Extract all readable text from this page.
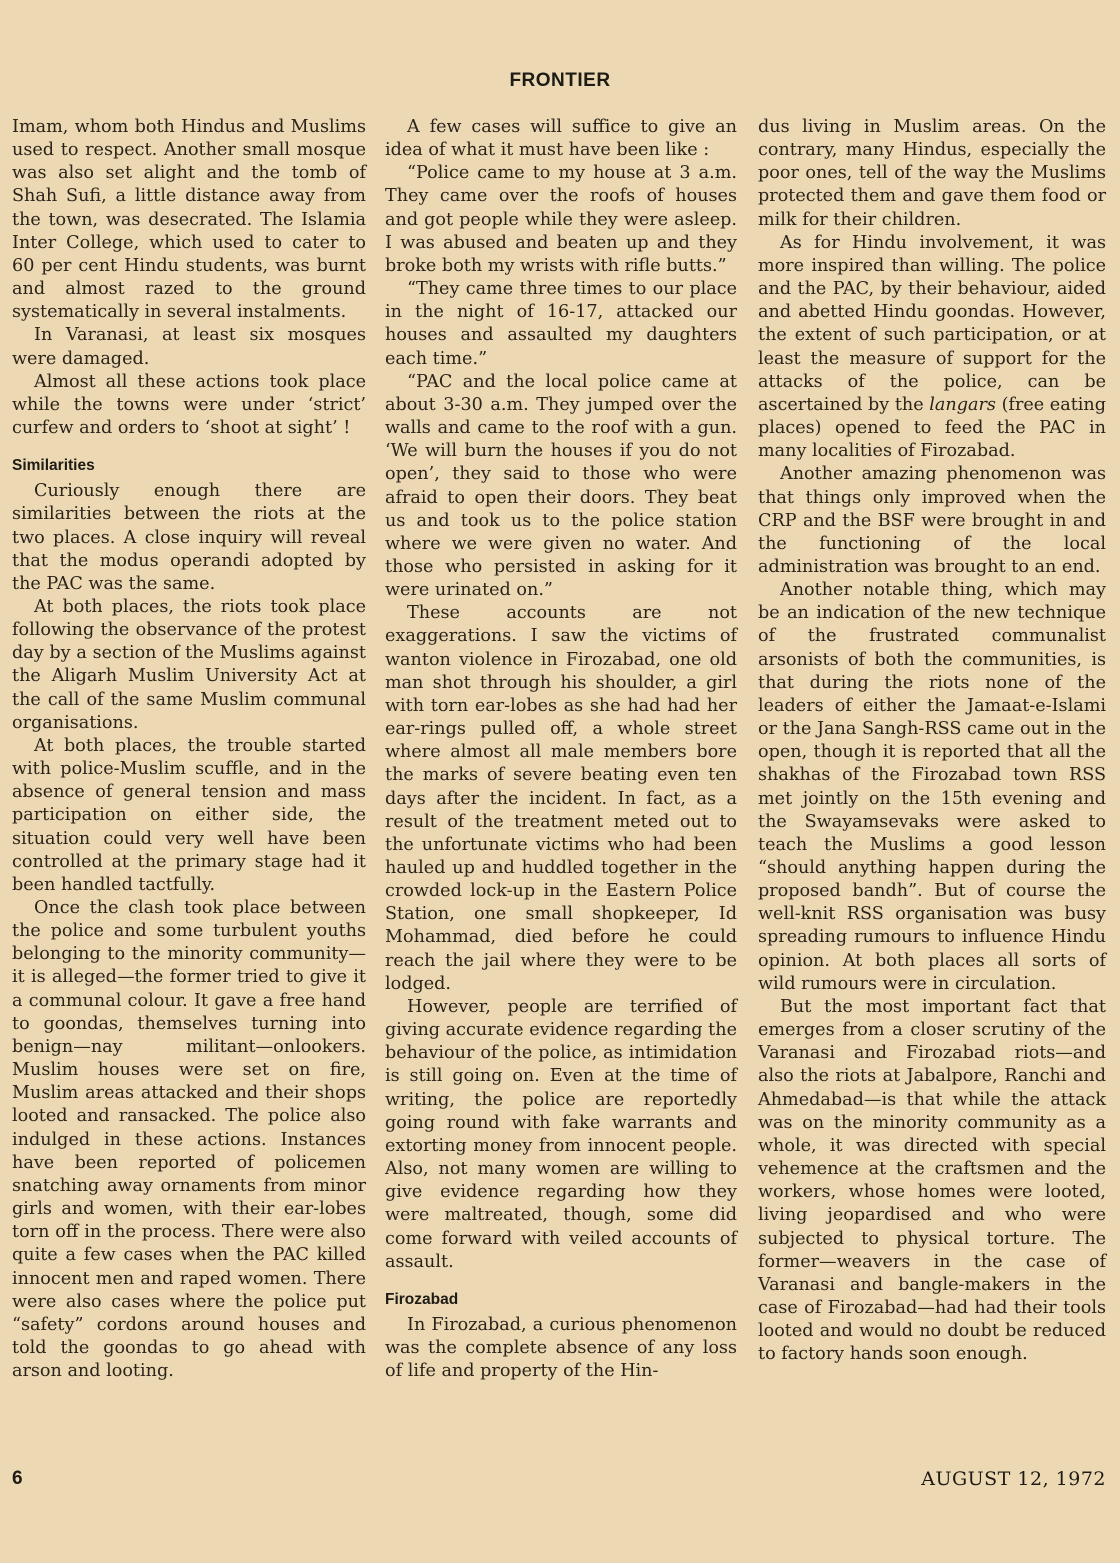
FRONTIER

Imam, whom both Hindus and Muslims used to respect. Another small mosque was also set alight and the tomb of Shah Sufi, a little distance away from the town, was desecrated. The Islamia Inter College, which used to cater to 60 per cent Hindu students, was burnt and almost razed to the ground systematically in several instalments.

In Varanasi, at least six mosques were damaged.

Almost all these actions took place while the towns were under ‘strict’ curfew and orders to ‘shoot at sight’ !

Similarities

Curiously enough there are similarities between the riots at the two places. A close inquiry will reveal that the modus operandi adopted by the PAC was the same.

At both places, the riots took place following the observance of the protest day by a section of the Muslims against the Aligarh Muslim University Act at the call of the same Muslim communal organisations.

At both places, the trouble started with police-Muslim scuffle, and in the absence of general tension and mass participation on either side, the situation could very well have been controlled at the primary stage had it been handled tactfully.

Once the clash took place between the police and some turbulent youths belonging to the minority community—it is alleged—the former tried to give it a communal colour. It gave a free hand to goondas, themselves turning into benign—nay militant—onlookers. Muslim houses were set on fire, Muslim areas attacked and their shops looted and ransacked. The police also indulged in these actions. Instances have been reported of policemen snatching away ornaments from minor girls and women, with their ear-lobes torn off in the process. There were also quite a few cases when the PAC killed innocent men and raped women. There were also cases where the police put “safety” cordons around houses and told the goondas to go ahead with arson and looting.

A few cases will suffice to give an idea of what it must have been like :

“Police came to my house at 3 a.m. They came over the roofs of houses and got people while they were asleep. I was abused and beaten up and they broke both my wrists with rifle butts.”

“They came three times to our place in the night of 16-17, attacked our houses and assaulted my daughters each time.”

“PAC and the local police came at about 3-30 a.m. They jumped over the walls and came to the roof with a gun. ‘We will burn the houses if you do not open’, they said to those who were afraid to open their doors. They beat us and took us to the police station where we were given no water. And those who persisted in asking for it were urinated on.”

These accounts are not exaggerations. I saw the victims of wanton violence in Firozabad, one old man shot through his shoulder, a girl with torn ear-lobes as she had had her ear-rings pulled off, a whole street where almost all male members bore the marks of severe beating even ten days after the incident. In fact, as a result of the treatment meted out to the unfortunate victims who had been hauled up and huddled together in the crowded lock-up in the Eastern Police Station, one small shopkeeper, Id Mohammad, died before he could reach the jail where they were to be lodged.

However, people are terrified of giving accurate evidence regarding the behaviour of the police, as intimidation is still going on. Even at the time of writing, the police are reportedly going round with fake warrants and extorting money from innocent people. Also, not many women are willing to give evidence regarding how they were maltreated, though, some did come forward with veiled accounts of assault.

Firozabad

In Firozabad, a curious phenomenon was the complete absence of any loss of life and property of the Hin-

dus living in Muslim areas. On the contrary, many Hindus, especially the poor ones, tell of the way the Muslims protected them and gave them food or milk for their children.

As for Hindu involvement, it was more inspired than willing. The police and the PAC, by their behaviour, aided and abetted Hindu goondas. However, the extent of such participation, or at least the measure of support for the attacks of the police, can be ascertained by the langars (free eating places) opened to feed the PAC in many localities of Firozabad.

Another amazing phenomenon was that things only improved when the CRP and the BSF were brought in and the functioning of the local administration was brought to an end.

Another notable thing, which may be an indication of the new technique of the frustrated communalist arsonists of both the communities, is that during the riots none of the leaders of either the Jamaat-e-Islami or the Jana Sangh-RSS came out in the open, though it is reported that all the shakhas of the Firozabad town RSS met jointly on the 15th evening and the Swayamsevaks were asked to teach the Muslims a good lesson “should anything happen during the proposed bandh”. But of course the well-knit RSS organisation was busy spreading rumours to influence Hindu opinion. At both places all sorts of wild rumours were in circulation.

But the most important fact that emerges from a closer scrutiny of the Varanasi and Firozabad riots—and also the riots at Jabalpore, Ranchi and Ahmedabad—is that while the attack was on the minority community as a whole, it was directed with special vehemence at the craftsmen and the workers, whose homes were looted, living jeopardised and who were subjected to physical torture. The former—weavers in the case of Varanasi and bangle-makers in the case of Firozabad—had had their tools looted and would no doubt be reduced to factory hands soon enough.

6	AUGUST 12, 1972
